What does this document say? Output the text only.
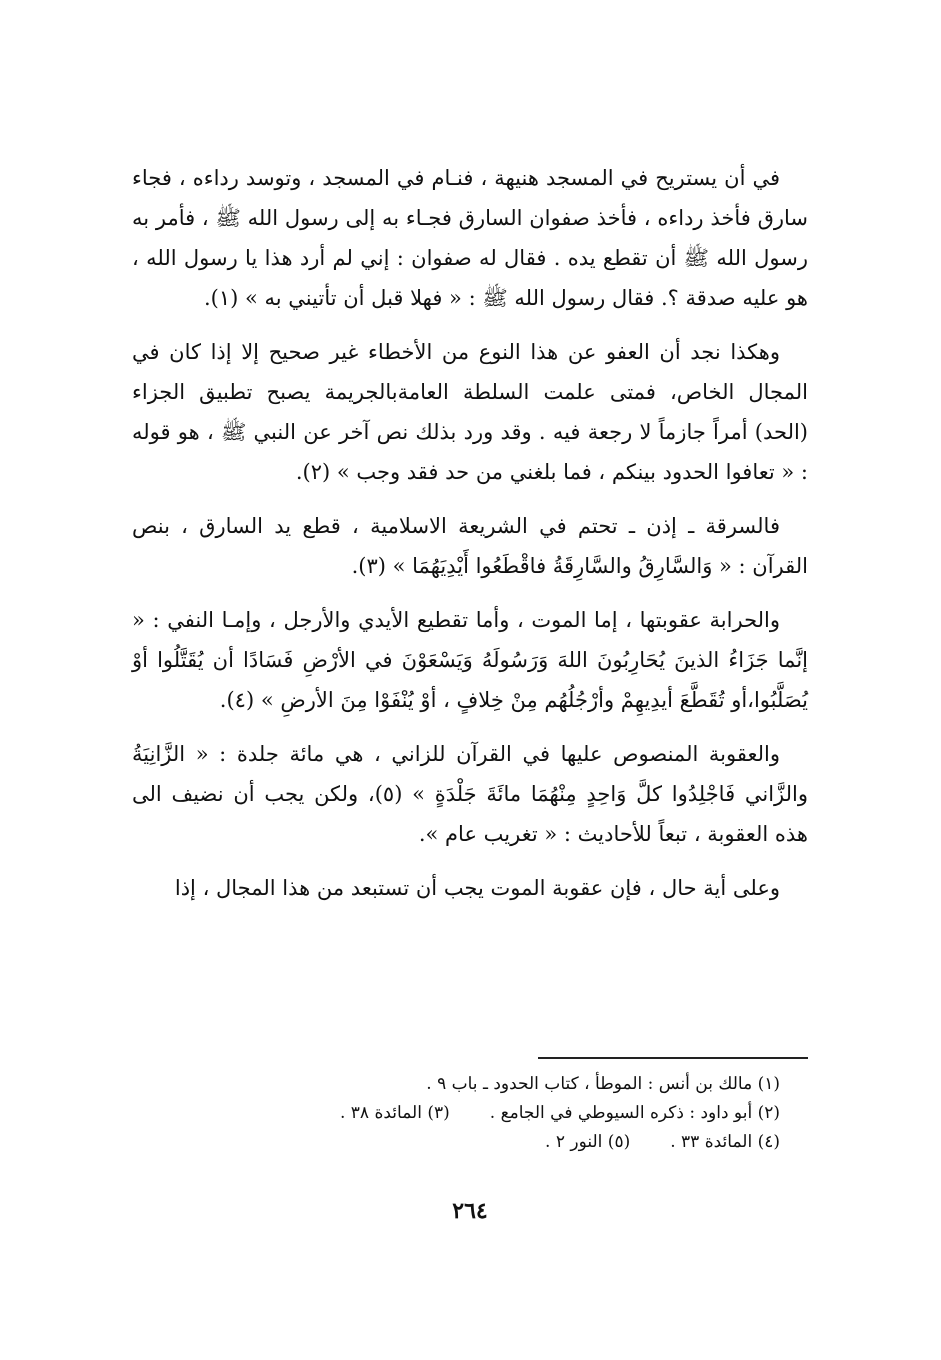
في أن يستريح في المسجد هنيهة ، فنـام في المسجد ، وتوسد رداءه ، فجاء سارق فأخذ رداءه ، فأخذ صفوان السارق فجـاء به إلى رسول الله ﷺ ، فأمر به رسول الله ﷺ أن تقطع يده . فقال له صفوان : إني لم أرد هذا يا رسول الله ، هو عليه صدقة ؟. فقال رسول الله ﷺ : « فهلا قبل أن تأتيني به » (١).

وهكذا نجد أن العفو عن هذا النوع من الأخطاء غير صحيح إلا إذا كان في المجال الخاص، فمتى علمت السلطة العامةبالجريمة يصبح تطبيق الجزاء (الحد) أمراً جازماً لا رجعة فيه . وقد ورد بذلك نص آخر عن النبي ﷺ ، هو قوله : « تعافوا الحدود بينكم ، فما بلغني من حد فقد وجب » (٢).

فالسرقة ـ إذن ـ تحتم في الشريعة الاسلامية ، قطع يد السارق ، بنص القرآن : « وَالسَّارِقُ والسَّارِقَةُ فاقْطَعُوا أَيْدِيَهُمَا » (٣).

والحرابة عقوبتها ، إما الموت ، وأما تقطيع الأيدي والأرجل ، وإمـا النفي : « إنَّما جَزَاءُ الذينَ يُحَارِبُونَ اللهَ وَرَسُولَهُ وَيَسْعَوْنَ في الأرْضِ فَسَادًا أن يُقَتَّلُوا أوْ يُصَلَّبُوا،أو تُقَطَّعَ أيدِيهِمْ وأرْجُلُهُم مِنْ خِلافٍ ، أوْ يُنْفَوْا مِنَ الأرضِ » (٤).

والعقوبة المنصوص عليها في القرآن للزاني ، هي مائة جلدة : « الزَّانِيَةُ والزَّاني فَاجْلِدُوا كلَّ وَاحِدٍ مِنْهُمَا مائَةَ جَلْدَةٍ » (٥)، ولكن يجب أن نضيف الى هذه العقوبة ، تبعاً للأحاديث : « تغريب عام ».

وعلى أية حال ، فإن عقوبة الموت يجب أن تستبعد من هذا المجال ، إذا

(١) مالك بن أنس : الموطأ ، كتاب الحدود ـ باب ٩ .

(٢) أبو داود : ذكره السيوطي في الجامع .(٣) المائدة ٣٨ .

(٤) المائدة ٣٣ .(٥) النور ٢ .

٢٦٤
